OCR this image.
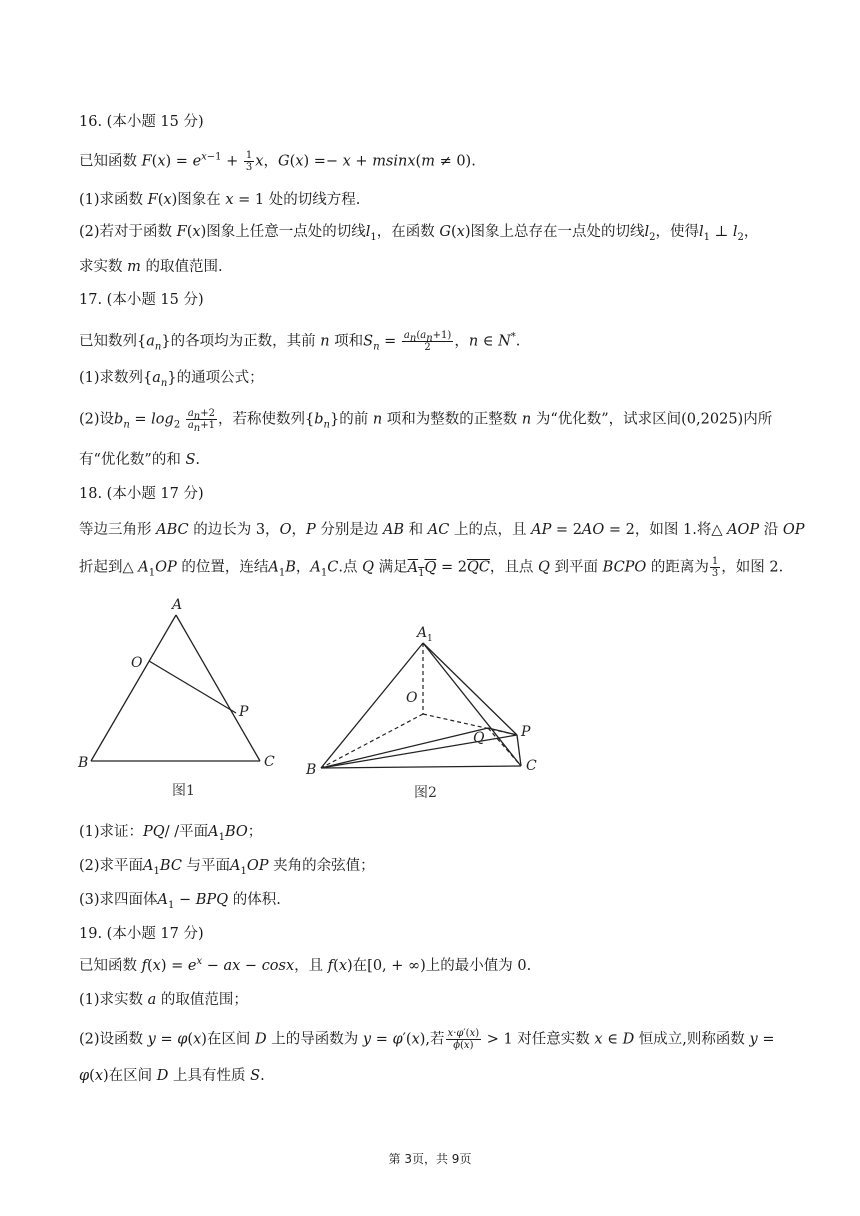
16. (本小题 15 分)
已知函数 $F(x) = e^{x-1} + \frac{1}{3}$ x，G(x) =− x + msinx(m ≠ 0).
(1)求函数 F(x)图象在 x = 1 处的切线方程.
(2)若对于函数 F(x)图象上任意一点处的切线$l_1$，在函数 G(x)图象上总存在一点处的切线$l_2$，使得$l_1$ ⊥ $l_2$，
求实数 m 的取值范围.
17. (本小题 15 分)
已知数列$\{a_n\}$的各项均为正数，其前 n 项和$S_n = \frac{a_n(a_n+1)}{2}$ ，n ∈ N*.
(1)求数列$\{a_n\}$的通项公式；
(2)设$b_n = \log_2 \frac{a_n+2}{a_n+1}$ ，若称使数列$\{b_n\}$的前 n 项和为整数的正整数 n 为“优化数”，试求区间(0,2025)内所
有“优化数”的和 S.
18. (本小题 17 分)
等边三角形 ABC 的边长为 3，O，P 分别是边 AB 和 AC 上的点，且 AP = 2AO = 2，如图 1.将△ AOP 沿 OP
折起到△ $A_1OP$ 的位置，连结$A_1B$，$A_1C$.点 Q 满足$A_1Q = 2\overline{QC}$，且点 Q 到平面 BCPO 的距离为 $\frac{1}{3}$ ，如图 2.
A
O
P
B	C
图1
A 1
O
Q	P
B	C
图2
(1)求证：PQ/ /平面$A_1BO$；
(2)求平面$A_1BC$ 与平面$A_1OP$ 夹角的余弦值；
(3)求四面体$A_1$ − BPQ 的体积.
19. (本小题 17 分)
已知函数 $f(x) = e^x$ − ax − cosx，且 f(x)在[0, + ∞)上的最小值为 0.
(1)求实数 a 的取值范围；
(2)设函数 y = φ(x)在区间 D 上的导函数为 y = φ′(x),若 $\frac{x\cdot\varphi'(x)}{\phi(x)} > 1$ 对任意实数 x ∈ D 恒成立,则称函数 y =
φ(x)在区间 D 上具有性质 S.
第 3页，共 9页
